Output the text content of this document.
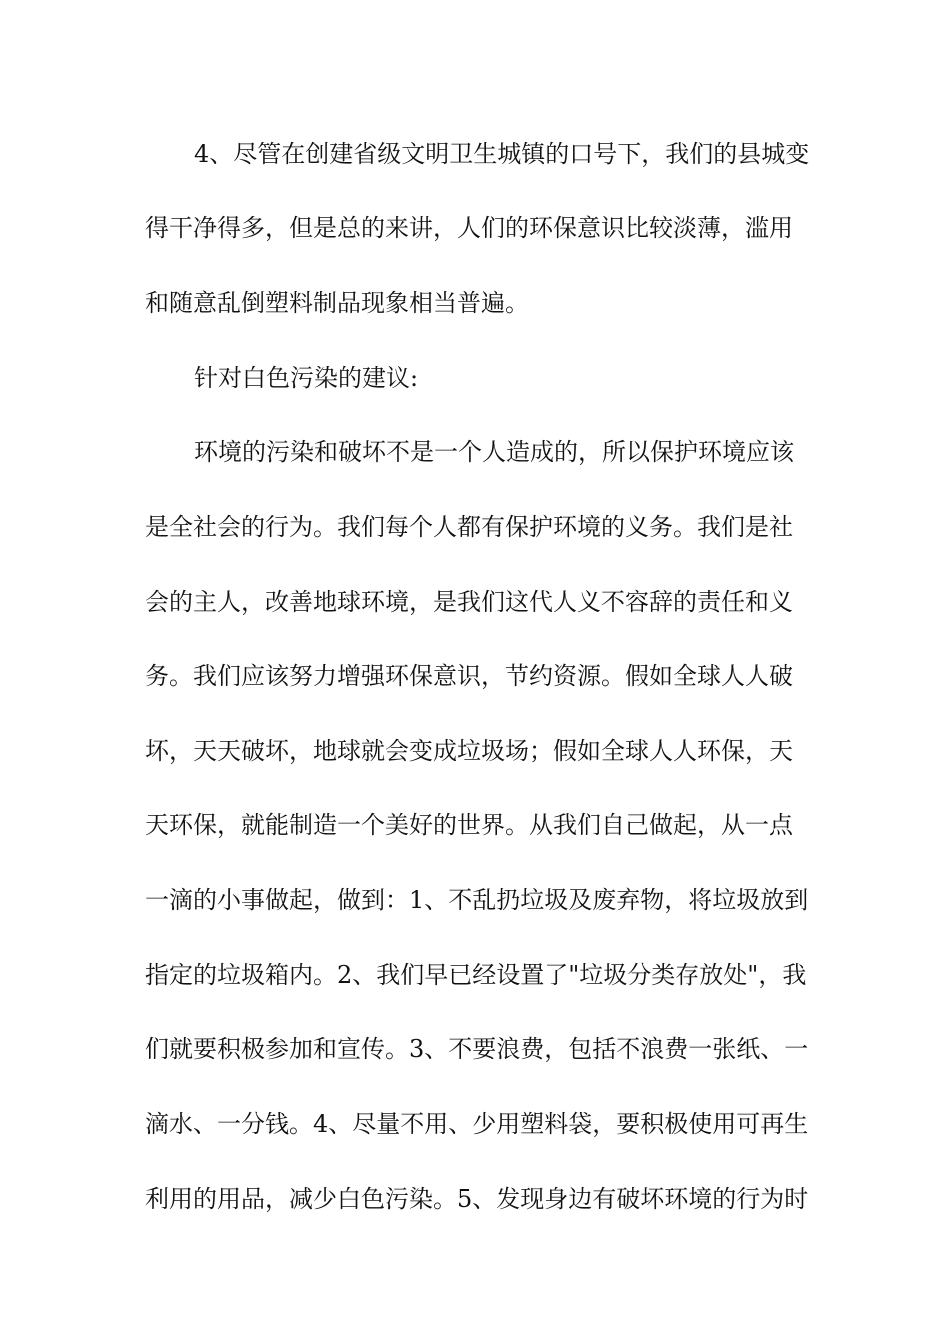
4、尽管在创建省级文明卫生城镇的口号下，我们的县城变
得干净得多，但是总的来讲，人们的环保意识比较淡薄，滥用
和随意乱倒塑料制品现象相当普遍。
针对白色污染的建议:
环境的污染和破坏不是一个人造成的，所以保护环境应该
是全社会的行为。我们每个人都有保护环境的义务。我们是社
会的主人，改善地球环境，是我们这代人义不容辞的责任和义
务。我们应该努力增强环保意识，节约资源。假如全球人人破
坏，天天破坏，地球就会变成垃圾场；假如全球人人环保，天
天环保，就能制造一个美好的世界。从我们自己做起，从一点
一滴的小事做起，做到：1、不乱扔垃圾及废弃物，将垃圾放到
指定的垃圾箱内。2、我们早已经设置了"垃圾分类存放处"，我
们就要积极参加和宣传。3、不要浪费，包括不浪费一张纸、一
滴水、一分钱。4、尽量不用、少用塑料袋，要积极使用可再生
利用的用品，减少白色污染。5、发现身边有破坏环境的行为时
